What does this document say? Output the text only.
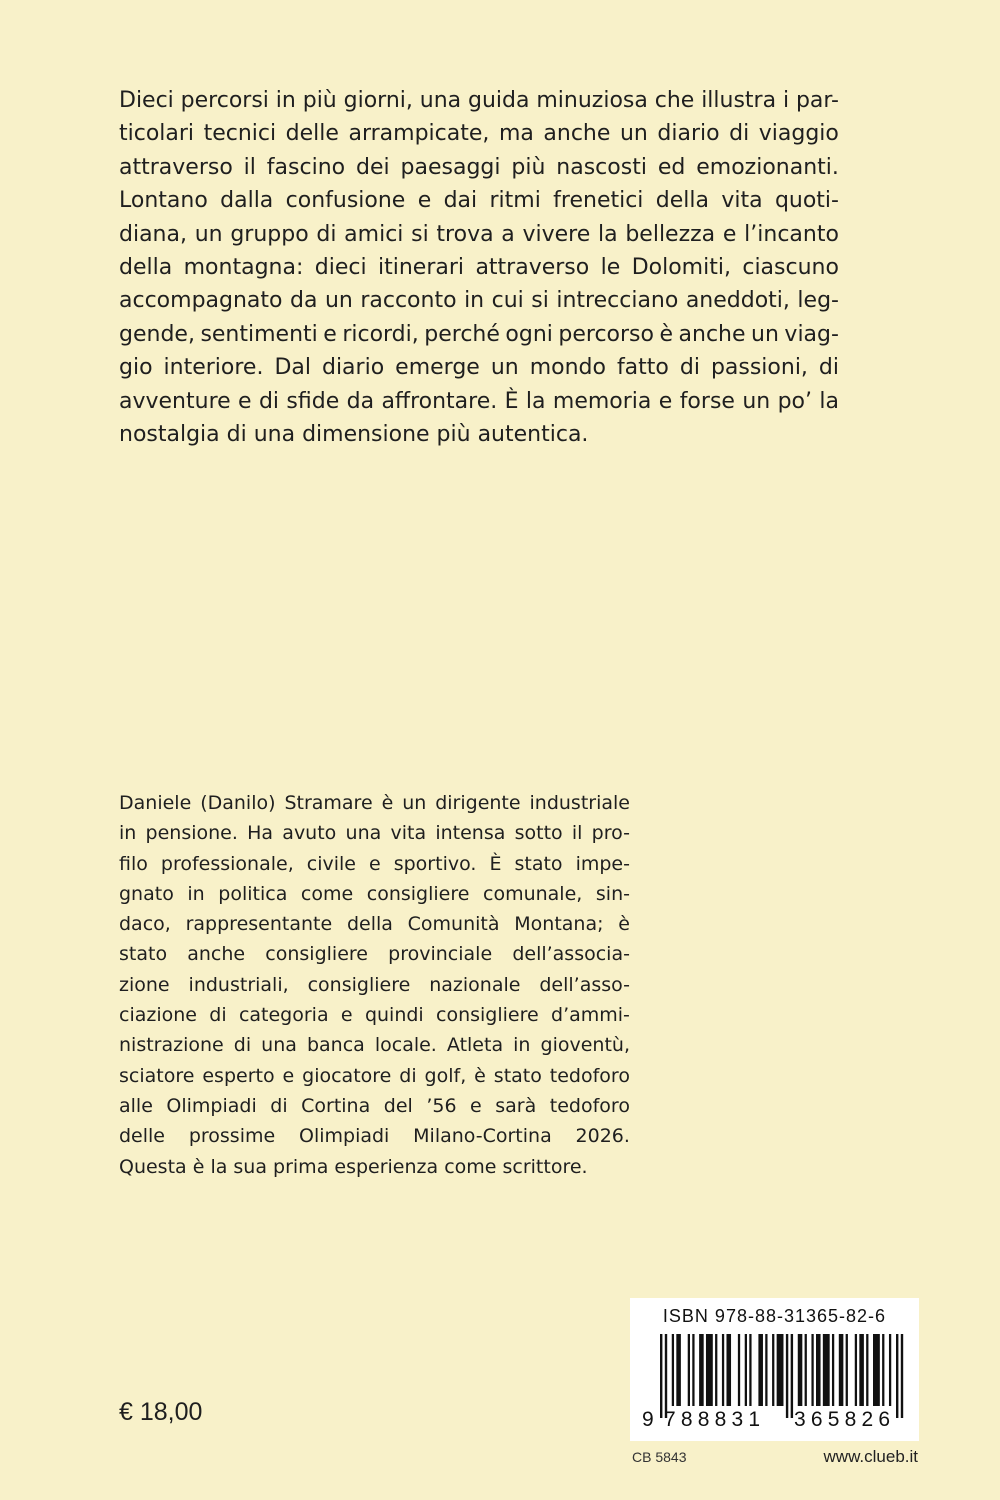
Dieci percorsi in più giorni, una guida minuziosa che illustra i par-
ticolari tecnici delle arrampicate, ma anche un diario di viaggio
attraverso il fascino dei paesaggi più nascosti ed emozionanti.
Lontano dalla confusione e dai ritmi frenetici della vita quoti-
diana, un gruppo di amici si trova a vivere la bellezza e l’incanto
della montagna: dieci itinerari attraverso le Dolomiti, ciascuno
accompagnato da un racconto in cui si intrecciano aneddoti, leg-
gende, sentimenti e ricordi, perché ogni percorso è anche un viag-
gio interiore. Dal diario emerge un mondo fatto di passioni, di
avventure e di sfide da affrontare. È la memoria e forse un po’ la
nostalgia di una dimensione più autentica.
Daniele (Danilo) Stramare è un dirigente industriale
in pensione. Ha avuto una vita intensa sotto il pro-
filo professionale, civile e sportivo. È stato impe-
gnato in politica come consigliere comunale, sin-
daco, rappresentante della Comunità Montana; è
stato anche consigliere provinciale dell’associa-
zione industriali, consigliere nazionale dell’asso-
ciazione di categoria e quindi consigliere d’ammi-
nistrazione di una banca locale. Atleta in gioventù,
sciatore esperto e giocatore di golf, è stato tedoforo
alle Olimpiadi di Cortina del ’56 e sarà tedoforo
delle prossime Olimpiadi Milano-Cortina 2026.
Questa è la sua prima esperienza come scrittore.
€ 18,00
ISBN 978-88-31365-82-6
9 788831 365826
CB 5843	www.clueb.it
